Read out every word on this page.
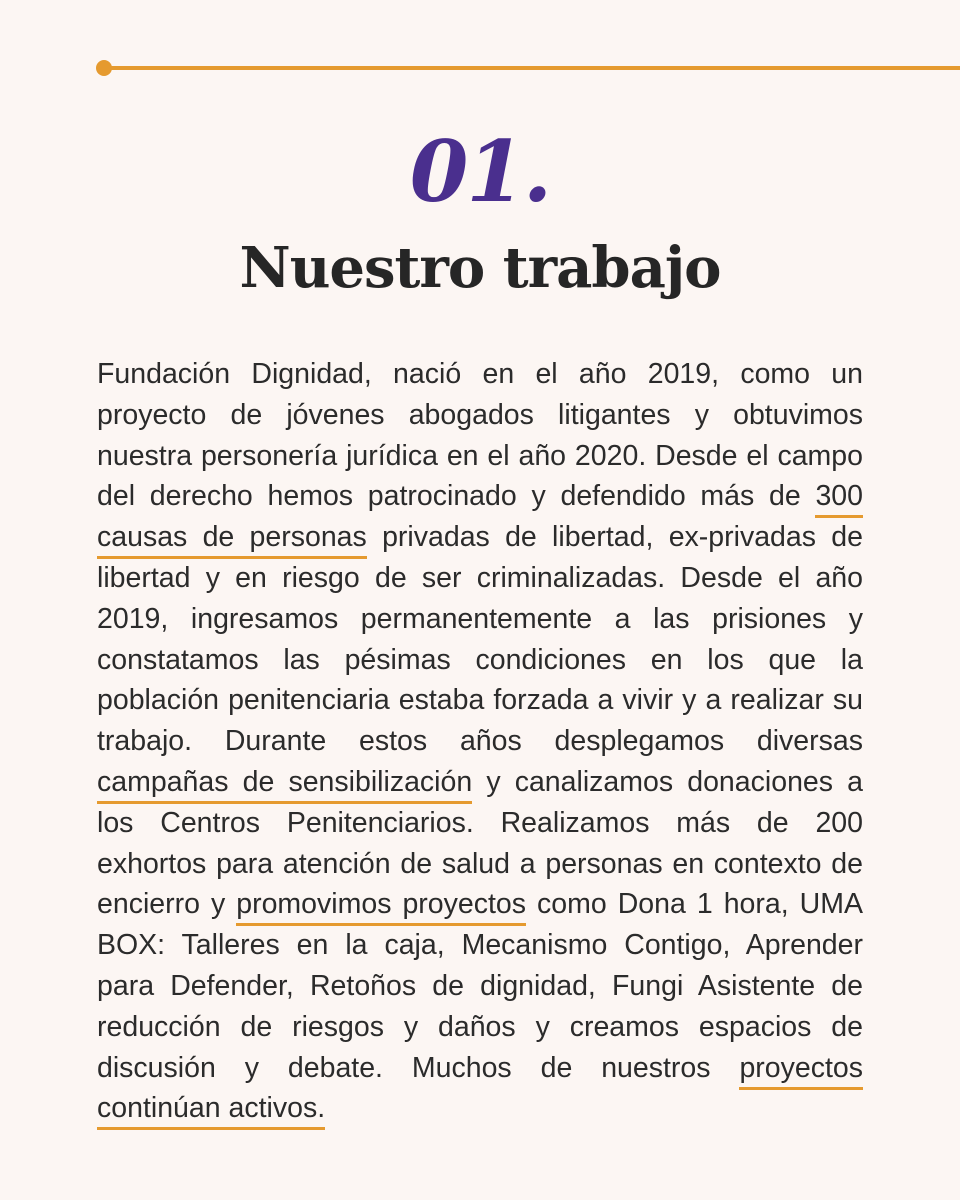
01.
Nuestro trabajo

Fundación Dignidad, nació en el año 2019, como un proyecto de jóvenes abogados litigantes y obtuvimos nuestra personería jurídica en el año 2020. Desde el campo del derecho hemos patrocinado y defendido más de 300 causas de personas privadas de libertad, ex-privadas de libertad y en riesgo de ser criminalizadas. Desde el año 2019, ingresamos permanentemente a las prisiones y constatamos las pésimas condiciones en los que la población penitenciaria estaba forzada a vivir y a realizar su trabajo. Durante estos años desplegamos diversas campañas de sensibilización y canalizamos donaciones a los Centros Penitenciarios. Realizamos más de 200 exhortos para atención de salud a personas en contexto de encierro y promovimos proyectos como Dona 1 hora, UMA BOX: Talleres en la caja, Mecanismo Contigo, Aprender para Defender, Retoños de dignidad, Fungi Asistente de reducción de riesgos y daños y creamos espacios de discusión y debate. Muchos de nuestros proyectos continúan activos.
